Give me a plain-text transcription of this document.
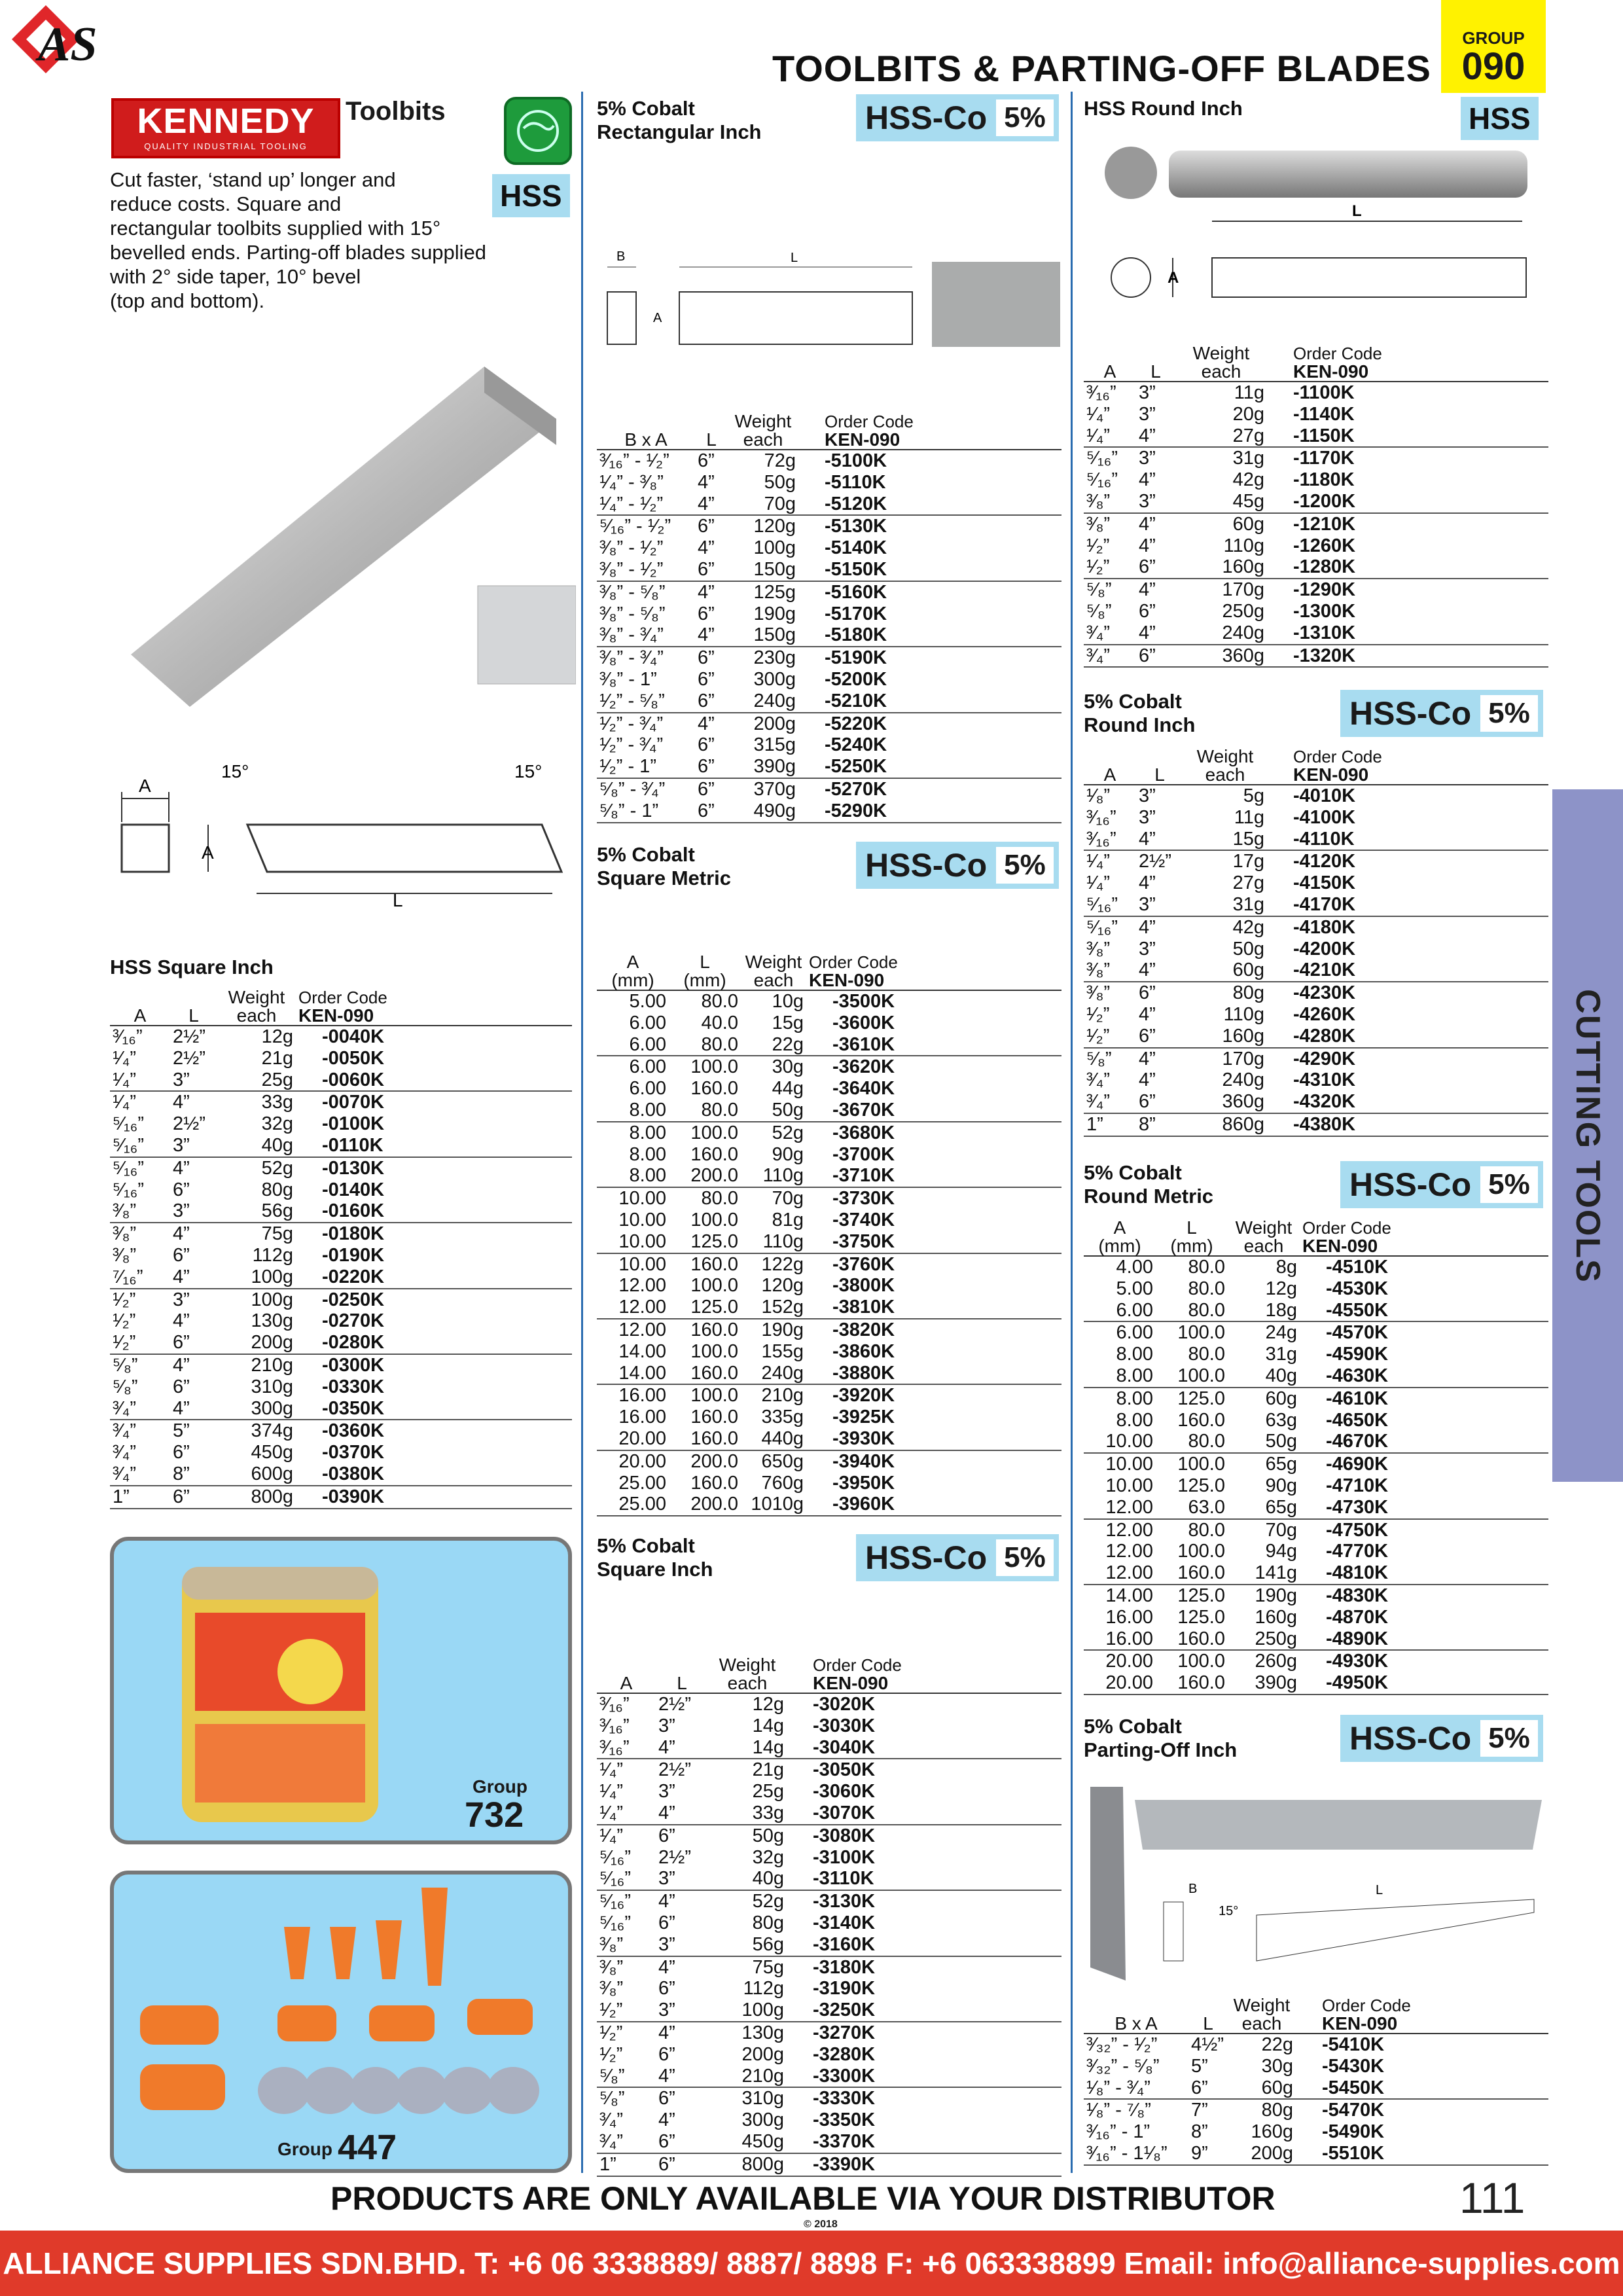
AS	TOOLBITS & PARTING-OFF BLADES
GROUP
090
KENNEDY
QUALITY INDUSTRIAL TOOLING
Toolbits
HSS
Cut faster, ‘stand up’ longer and
reduce costs. Square and
rectangular toolbits supplied with 15°
bevelled ends. Parting-off blades supplied
with 2° side taper, 10° bevel
(top and bottom).
A
A
15°	15°
L
HSS Square Inch
A	L	Weight
each	Order Code
KEN-090
³⁄₁₆”	2½”	12g	-0040K
¹⁄₄”	2½”	21g	-0050K
¹⁄₄”	3”	25g	-0060K
¹⁄₄”	4”	33g	-0070K
⁵⁄₁₆”	2½”	32g	-0100K
⁵⁄₁₆”	3”	40g	-0110K
⁵⁄₁₆”	4”	52g	-0130K
⁵⁄₁₆”	6”	80g	-0140K
³⁄₈”	3”	56g	-0160K
³⁄₈”	4”	75g	-0180K
³⁄₈”	6”	112g	-0190K
⁷⁄₁₆”	4”	100g	-0220K
¹⁄₂”	3”	100g	-0250K
¹⁄₂”	4”	130g	-0270K
¹⁄₂”	6”	200g	-0280K
⁵⁄₈”	4”	210g	-0300K
⁵⁄₈”	6”	310g	-0330K
³⁄₄”	4”	300g	-0350K
³⁄₄”	5”	374g	-0360K
³⁄₄”	6”	450g	-0370K
³⁄₄”	8”	600g	-0380K
1”	6”	800g	-0390K
Group
732
Group 447
5% Cobalt
Rectangular Inch	HSS-Co 5%
B
A
L
B x A	L	Weight
each	Order Code
KEN-090
³⁄₁₆” - ¹⁄₂”	6”	72g	-5100K
¹⁄₄” - ³⁄₈”	4”	50g	-5110K
¹⁄₄” - ¹⁄₂”	4”	70g	-5120K
⁵⁄₁₆” - ¹⁄₂”	6”	120g	-5130K
³⁄₈” - ¹⁄₂”	4”	100g	-5140K
³⁄₈” - ¹⁄₂”	6”	150g	-5150K
³⁄₈” - ⁵⁄₈”	4”	125g	-5160K
³⁄₈” - ⁵⁄₈”	6”	190g	-5170K
³⁄₈” - ³⁄₄”	4”	150g	-5180K
³⁄₈” - ³⁄₄”	6”	230g	-5190K
³⁄₈” - 1”	6”	300g	-5200K
¹⁄₂” - ⁵⁄₈”	6”	240g	-5210K
¹⁄₂” - ³⁄₄”	4”	200g	-5220K
¹⁄₂” - ³⁄₄”	6”	315g	-5240K
¹⁄₂” - 1”	6”	390g	-5250K
⁵⁄₈” - ³⁄₄”	6”	370g	-5270K
⁵⁄₈” - 1”	6”	490g	-5290K
5% Cobalt
Square Metric	HSS-Co 5%
A
(mm)	L
(mm)	Weight
each	Order Code
KEN-090
5.00	80.0	10g	-3500K
6.00	40.0	15g	-3600K
6.00	80.0	22g	-3610K
6.00	100.0	30g	-3620K
6.00	160.0	44g	-3640K
8.00	80.0	50g	-3670K
8.00	100.0	52g	-3680K
8.00	160.0	90g	-3700K
8.00	200.0	110g	-3710K
10.00	80.0	70g	-3730K
10.00	100.0	81g	-3740K
10.00	125.0	110g	-3750K
10.00	160.0	122g	-3760K
12.00	100.0	120g	-3800K
12.00	125.0	152g	-3810K
12.00	160.0	190g	-3820K
14.00	100.0	155g	-3860K
14.00	160.0	240g	-3880K
16.00	100.0	210g	-3920K
16.00	160.0	335g	-3925K
20.00	160.0	440g	-3930K
20.00	200.0	650g	-3940K
25.00	160.0	760g	-3950K
25.00	200.0	1010g	-3960K
5% Cobalt
Square Inch	HSS-Co 5%
A	L	Weight
each	Order Code
KEN-090
³⁄₁₆”	2½”	12g	-3020K
³⁄₁₆”	3”	14g	-3030K
³⁄₁₆”	4”	14g	-3040K
¹⁄₄”	2½”	21g	-3050K
¹⁄₄”	3”	25g	-3060K
¹⁄₄”	4”	33g	-3070K
¹⁄₄”	6”	50g	-3080K
⁵⁄₁₆”	2½”	32g	-3100K
⁵⁄₁₆”	3”	40g	-3110K
⁵⁄₁₆”	4”	52g	-3130K
⁵⁄₁₆”	6”	80g	-3140K
³⁄₈”	3”	56g	-3160K
³⁄₈”	4”	75g	-3180K
³⁄₈”	6”	112g	-3190K
¹⁄₂”	3”	100g	-3250K
¹⁄₂”	4”	130g	-3270K
¹⁄₂”	6”	200g	-3280K
⁵⁄₈”	4”	210g	-3300K
⁵⁄₈”	6”	310g	-3330K
³⁄₄”	4”	300g	-3350K
³⁄₄”	6”	450g	-3370K
1”	6”	800g	-3390K
HSS Round Inch	HSS
L
A
A	L	Weight
each	Order Code
KEN-090
³⁄₁₆”	3”	11g	-1100K
¹⁄₄”	3”	20g	-1140K
¹⁄₄”	4”	27g	-1150K
⁵⁄₁₆”	3”	31g	-1170K
⁵⁄₁₆”	4”	42g	-1180K
³⁄₈”	3”	45g	-1200K
³⁄₈”	4”	60g	-1210K
¹⁄₂”	4”	110g	-1260K
¹⁄₂”	6”	160g	-1280K
⁵⁄₈”	4”	170g	-1290K
⁵⁄₈”	6”	250g	-1300K
³⁄₄”	4”	240g	-1310K
³⁄₄”	6”	360g	-1320K
5% Cobalt
Round Inch	HSS-Co 5%
A	L	Weight
each	Order Code
KEN-090
¹⁄₈”	3”	5g	-4010K
³⁄₁₆”	3”	11g	-4100K
³⁄₁₆”	4”	15g	-4110K
¹⁄₄”	2½”	17g	-4120K
¹⁄₄”	4”	27g	-4150K
⁵⁄₁₆”	3”	31g	-4170K
⁵⁄₁₆”	4”	42g	-4180K
³⁄₈”	3”	50g	-4200K
³⁄₈”	4”	60g	-4210K
³⁄₈”	6”	80g	-4230K
¹⁄₂”	4”	110g	-4260K
¹⁄₂”	6”	160g	-4280K
⁵⁄₈”	4”	170g	-4290K
³⁄₄”	4”	240g	-4310K
³⁄₄”	6”	360g	-4320K
1”	8”	860g	-4380K
5% Cobalt
Round Metric	HSS-Co 5%
A
(mm)	L
(mm)	Weight
each	Order Code
KEN-090
4.00	80.0	8g	-4510K
5.00	80.0	12g	-4530K
6.00	80.0	18g	-4550K
6.00	100.0	24g	-4570K
8.00	80.0	31g	-4590K
8.00	100.0	40g	-4630K
8.00	125.0	60g	-4610K
8.00	160.0	63g	-4650K
10.00	80.0	50g	-4670K
10.00	100.0	65g	-4690K
10.00	125.0	90g	-4710K
12.00	63.0	65g	-4730K
12.00	80.0	70g	-4750K
12.00	100.0	94g	-4770K
12.00	160.0	141g	-4810K
14.00	125.0	190g	-4830K
16.00	125.0	160g	-4870K
16.00	160.0	250g	-4890K
20.00	100.0	260g	-4930K
20.00	160.0	390g	-4950K
5% Cobalt
Parting-Off Inch	HSS-Co 5%
B	L
15°
B x A	L	Weight
each	Order Code
KEN-090
³⁄₃₂” - ¹⁄₂”	4½”	22g	-5410K
³⁄₃₂” - ⁵⁄₈”	5”	30g	-5430K
¹⁄₈” - ³⁄₄”	6”	60g	-5450K
¹⁄₈” - ⁷⁄₈”	7”	80g	-5470K
³⁄₁₆” - 1”	8”	160g	-5490K
³⁄₁₆” - 1¹⁄₈”	9”	200g	-5510K
CUTTING TOOLS
PRODUCTS ARE ONLY AVAILABLE VIA YOUR DISTRIBUTOR
© 2018
111
ALLIANCE SUPPLIES SDN.BHD. T: +6 06 3338889/ 8887/ 8898 F: +6 063338899 Email: info@alliance-supplies.com
